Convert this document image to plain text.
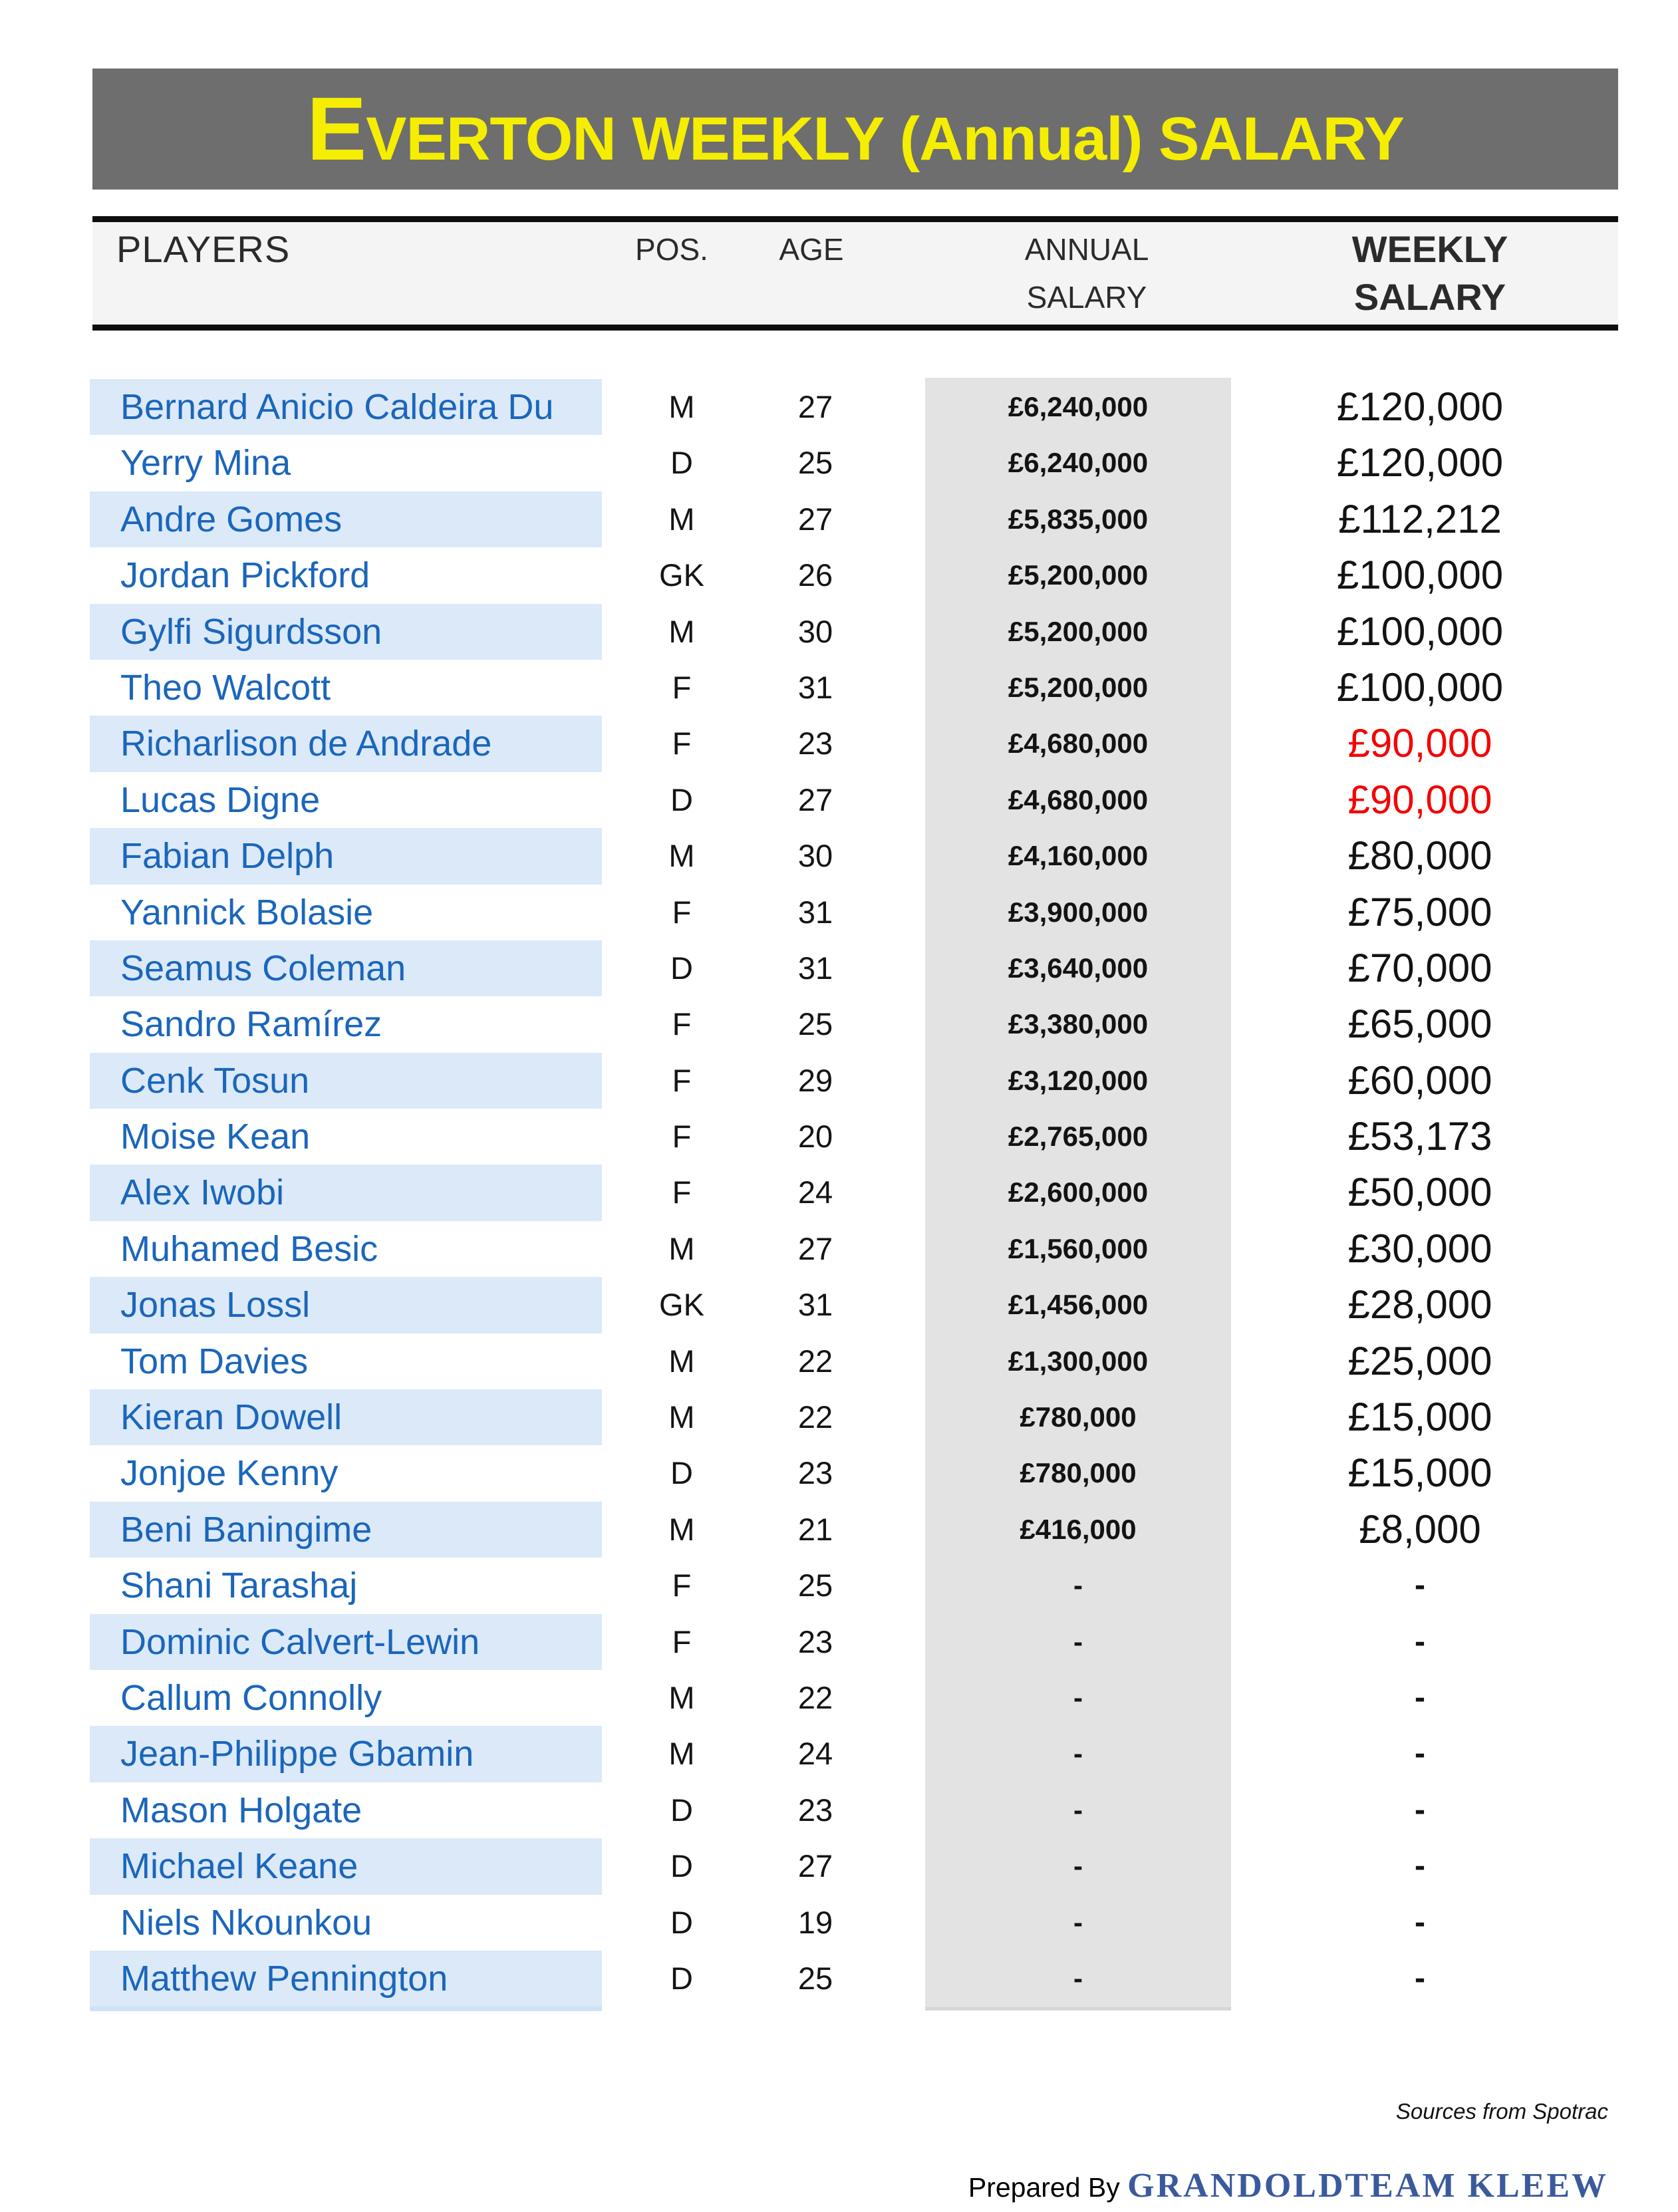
EVERTON WEEKLY (Annual) SALARY
PLAYERS	POS.	AGE	ANNUAL
SALARY
WEEKLY
SALARY
Bernard Anicio Caldeira Du	M	27	£6,240,000	£120,000
Yerry Mina	D	25	£6,240,000	£120,000
Andre Gomes	M	27	£5,835,000	£112,212
Jordan Pickford	GK	26	£5,200,000	£100,000
Gylfi Sigurdsson	M	30	£5,200,000	£100,000
Theo Walcott	F	31	£5,200,000	£100,000
Richarlison de Andrade	F	23	£4,680,000	£90,000
Lucas Digne	D	27	£4,680,000	£90,000
Fabian Delph	M	30	£4,160,000	£80,000
Yannick Bolasie	F	31	£3,900,000	£75,000
Seamus Coleman	D	31	£3,640,000	£70,000
Sandro Ramírez	F	25	£3,380,000	£65,000
Cenk Tosun	F	29	£3,120,000	£60,000
Moise Kean	F	20	£2,765,000	£53,173
Alex Iwobi	F	24	£2,600,000	£50,000
Muhamed Besic	M	27	£1,560,000	£30,000
Jonas Lossl	GK	31	£1,456,000	£28,000
Tom Davies	M	22	£1,300,000	£25,000
Kieran Dowell	M	22	£780,000	£15,000
Jonjoe Kenny	D	23	£780,000	£15,000
Beni Baningime	M	21	£416,000	£8,000
Shani Tarashaj	F	25	-	-
Dominic Calvert-Lewin	F	23	-	-
Callum Connolly	M	22	-	-
Jean-Philippe Gbamin	M	24	-	-
Mason Holgate	D	23	-	-
Michael Keane	D	27	-	-
Niels Nkounkou	D	19	-	-
Matthew Pennington	D	25	-	-
Sources from Spotrac
Prepared By GRANDOLDTEAM KLEEW
